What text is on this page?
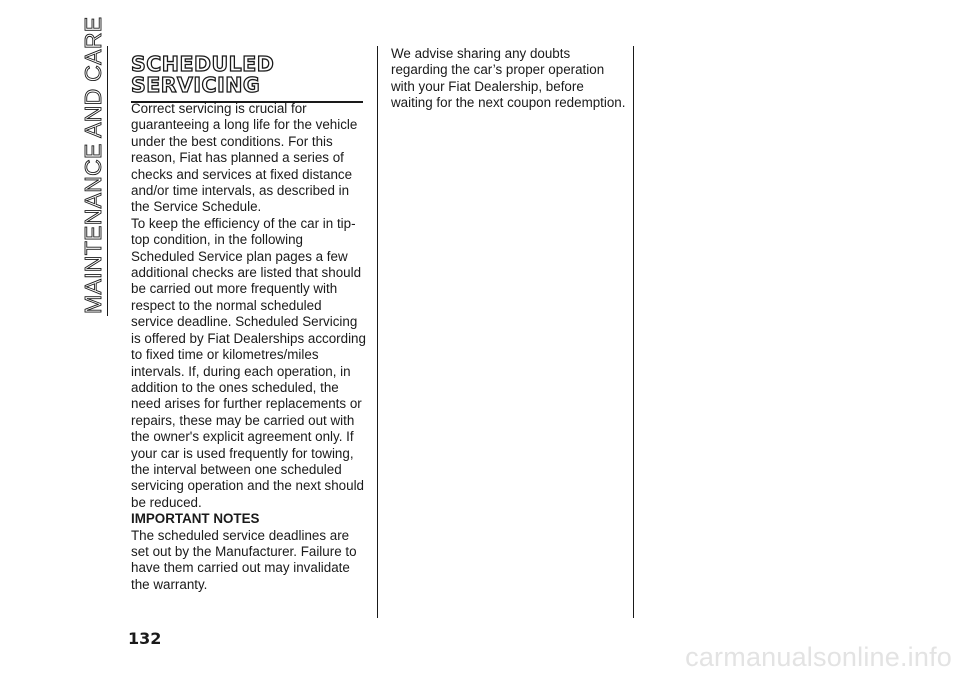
MAINTENANCE AND CARE SCHEDULED SERVICING

Correct servicing is crucial for guaranteeing a long life for the vehicle under the best conditions. For this reason, Fiat has planned a series of checks and services at fixed distance and/or time intervals, as described in the Service Schedule.

To keep the efficiency of the car in tip-top condition, in the following Scheduled Service plan pages a few additional checks are listed that should be carried out more frequently with respect to the normal scheduled service deadline. Scheduled Servicing is offered by Fiat Dealerships according to fixed time or kilometres/miles intervals. If, during each operation, in addition to the ones scheduled, the need arises for further replacements or repairs, these may be carried out with the owner's explicit agreement only. If your car is used frequently for towing, the interval between one scheduled servicing operation and the next should be reduced.

IMPORTANT NOTES

The scheduled service deadlines are set out by the Manufacturer. Failure to have them carried out may invalidate the warranty.

We advise sharing any doubts regarding the car’s proper operation with your Fiat Dealership, before waiting for the next coupon redemption.

132
carmanualsonline.info
